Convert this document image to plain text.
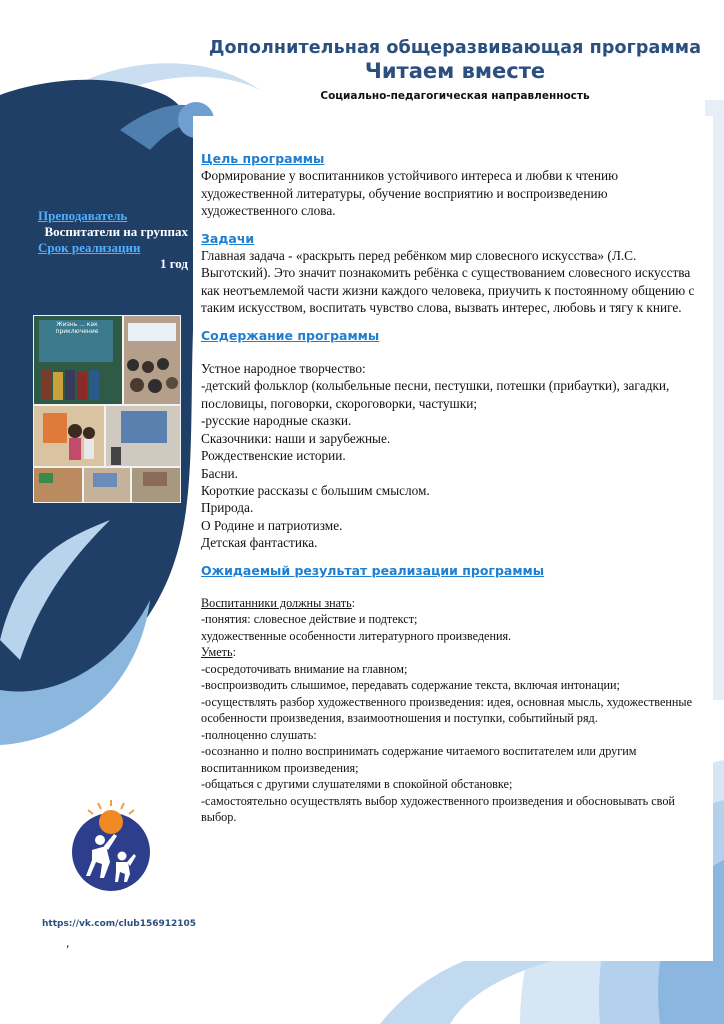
Дополнительная общеразвивающая программа
Читаем вместе
Социально-педагогическая направленность
Преподаватель
Воспитатели на группах
Срок реализации
1 год
Жизнь ... как приключение
https://vk.com/club156912105
,
Цель программы
Формирование у воспитанников устойчивого интереса и любви к чтению художественной литературы, обучение восприятию и воспроизведению художественного слова.
Задачи
Главная задача - «раскрыть перед ребёнком мир словесного искусства» (Л.С. Выготский). Это значит познакомить ребёнка с существованием словесного искусства как неотъемлемой части жизни каждого человека, приучить к постоянному общению с таким искусством, воспитать чувство слова, вызвать интерес, любовь и тягу к книге.
Содержание программы
Устное народное творчество:
-детский фольклор (колыбельные песни, пестушки, потешки (прибаутки), загадки, пословицы, поговорки, скороговорки, частушки;
-русские народные сказки.
Сказочники: наши и зарубежные.
Рождественские истории.
Басни.
Короткие рассказы с большим смыслом.
Природа.
О Родине и патриотизме.
Детская фантастика.
Ожидаемый результат реализации программы
Воспитанники должны знать:
-понятия: словесное действие и подтекст;
художественные особенности литературного произведения.
Уметь:
-сосредоточивать внимание на главном;
-воспроизводить слышимое, передавать содержание текста, включая интонации;
-осуществлять разбор художественного произведения: идея, основная мысль, художественные особенности произведения, взаимоотношения и поступки, событийный ряд.
-полноценно слушать:
-осознанно и полно воспринимать содержание читаемого воспитателем или другим воспитанником произведения;
-общаться с другими слушателями в спокойной обстановке;
-самостоятельно осуществлять выбор художественного произведения и обосновывать свой выбор.
